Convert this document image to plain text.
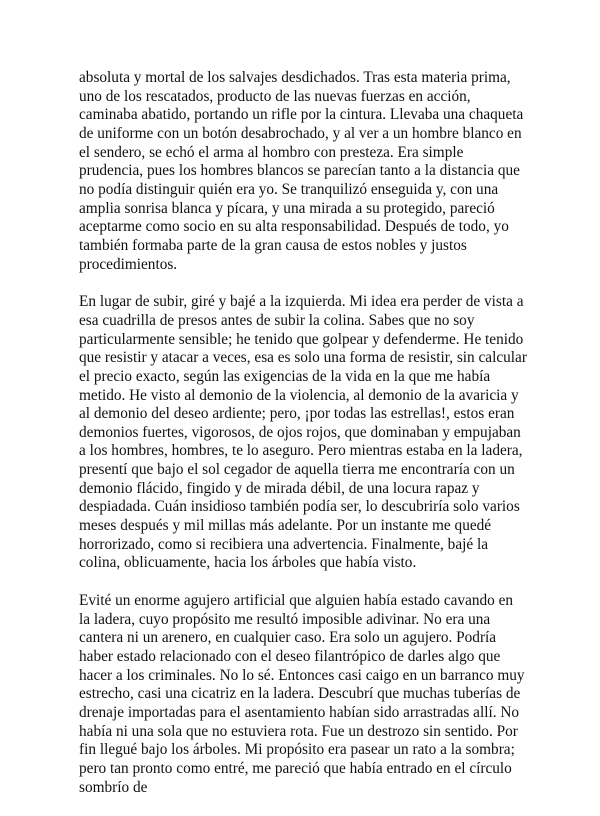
absoluta y mortal de los salvajes desdichados. Tras esta materia prima, uno de los rescatados, producto de las nuevas fuerzas en acción, caminaba abatido, portando un rifle por la cintura. Llevaba una chaqueta de uniforme con un botón desabrochado, y al ver a un hombre blanco en el sendero, se echó el arma al hombro con presteza. Era simple prudencia, pues los hombres blancos se parecían tanto a la distancia que no podía distinguir quién era yo. Se tranquilizó enseguida y, con una amplia sonrisa blanca y pícara, y una mirada a su protegido, pareció aceptarme como socio en su alta responsabilidad. Después de todo, yo también formaba parte de la gran causa de estos nobles y justos procedimientos.

En lugar de subir, giré y bajé a la izquierda. Mi idea era perder de vista a esa cuadrilla de presos antes de subir la colina. Sabes que no soy particularmente sensible; he tenido que golpear y defenderme. He tenido que resistir y atacar a veces, esa es solo una forma de resistir, sin calcular el precio exacto, según las exigencias de la vida en la que me había metido. He visto al demonio de la violencia, al demonio de la avaricia y al demonio del deseo ardiente; pero, ¡por todas las estrellas!, estos eran demonios fuertes, vigorosos, de ojos rojos, que dominaban y empujaban a los hombres, hombres, te lo aseguro. Pero mientras estaba en la ladera, presentí que bajo el sol cegador de aquella tierra me encontraría con un demonio flácido, fingido y de mirada débil, de una locura rapaz y despiadada. Cuán insidioso también podía ser, lo descubriría solo varios meses después y mil millas más adelante. Por un instante me quedé horrorizado, como si recibiera una advertencia. Finalmente, bajé la colina, oblicuamente, hacia los árboles que había visto.

Evité un enorme agujero artificial que alguien había estado cavando en la ladera, cuyo propósito me resultó imposible adivinar. No era una cantera ni un arenero, en cualquier caso. Era solo un agujero. Podría haber estado relacionado con el deseo filantrópico de darles algo que hacer a los criminales. No lo sé. Entonces casi caigo en un barranco muy estrecho, casi una cicatriz en la ladera. Descubrí que muchas tuberías de drenaje importadas para el asentamiento habían sido arrastradas allí. No había ni una sola que no estuviera rota. Fue un destrozo sin sentido. Por fin llegué bajo los árboles. Mi propósito era pasear un rato a la sombra; pero tan pronto como entré, me pareció que había entrado en el círculo sombrío de
